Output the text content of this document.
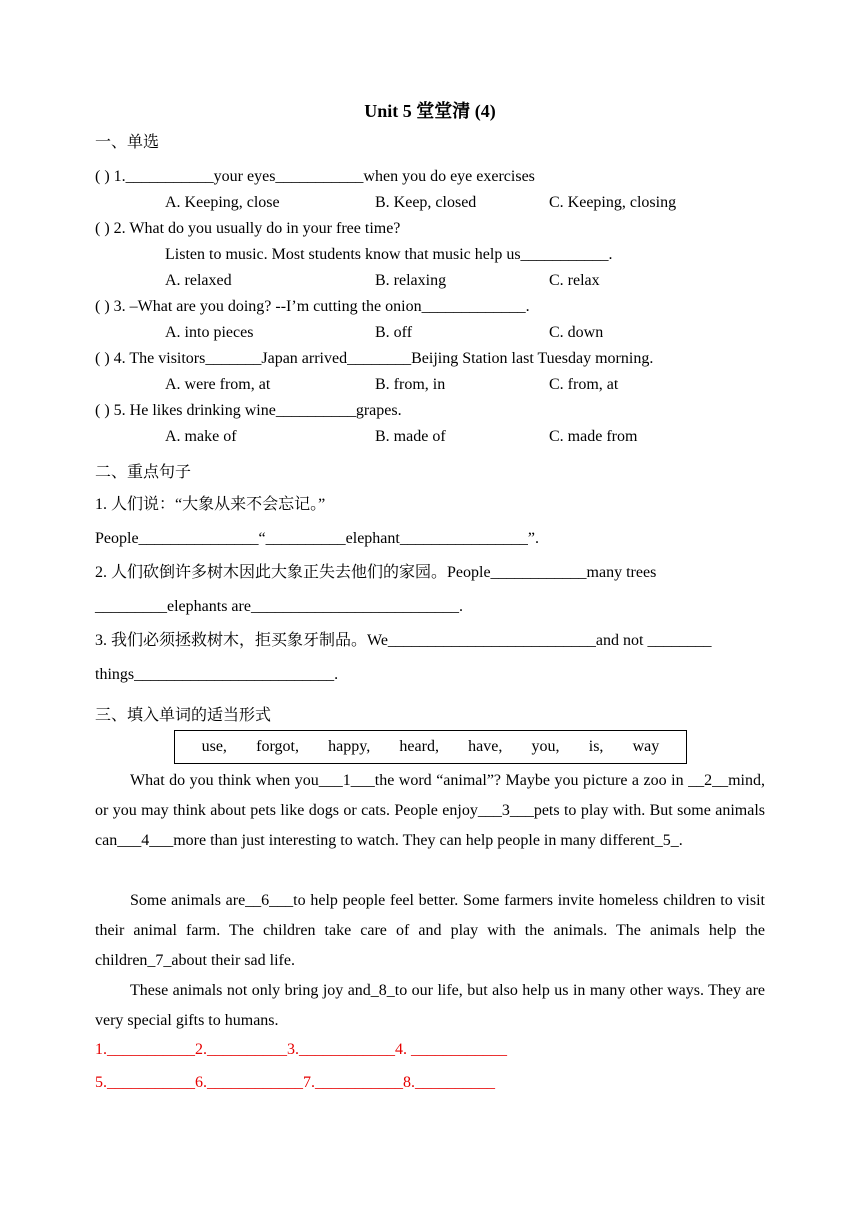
Unit 5 堂堂清 (4)
一、单选
( ) 1.___________your eyes___________when you do eye exercises
A. Keeping, close	B. Keep, closed	C. Keeping, closing
( ) 2. What do you usually do in your free time?
Listen to music. Most students know that music help us___________.
A. relaxed	B. relaxing	C. relax
( ) 3. –What are you doing? --I’m cutting the onion_____________.
A. into pieces	B. off	C. down
( ) 4. The visitors_______Japan arrived________Beijing Station last Tuesday morning.
A. were from, at	B. from, in	C. from, at
( ) 5. He likes drinking wine__________grapes.
A. make of	B. made of	C. made from
二、重点句子
1. 人们说：“大象从来不会忘记。”
People_______________“__________elephant________________”.
2. 人们砍倒许多树木因此大象正失去他们的家园。People____________many trees
_________elephants are__________________________.
3. 我们必须拯救树木，拒买象牙制品。We__________________________and not ________
things_________________________.
三、填入单词的适当形式
use, forgot, happy, heard, have, you, is, way
What do you think when you___1___the word “animal”? Maybe you picture a zoo in __2__mind, or you may think about pets like dogs or cats. People enjoy___3___pets to play with. But some animals can___4___more than just interesting to watch. They can help people in many different_5_.
Some animals are__6___to help people feel better. Some farmers invite homeless children to visit their animal farm. The children take care of and play with the animals. The animals help the children_7_about their sad life.
These animals not only bring joy and_8_to our life, but also help us in many other ways. They are very special gifts to humans.
1.___________2.__________3.____________4. ____________
5.___________6.____________7.___________8.__________
